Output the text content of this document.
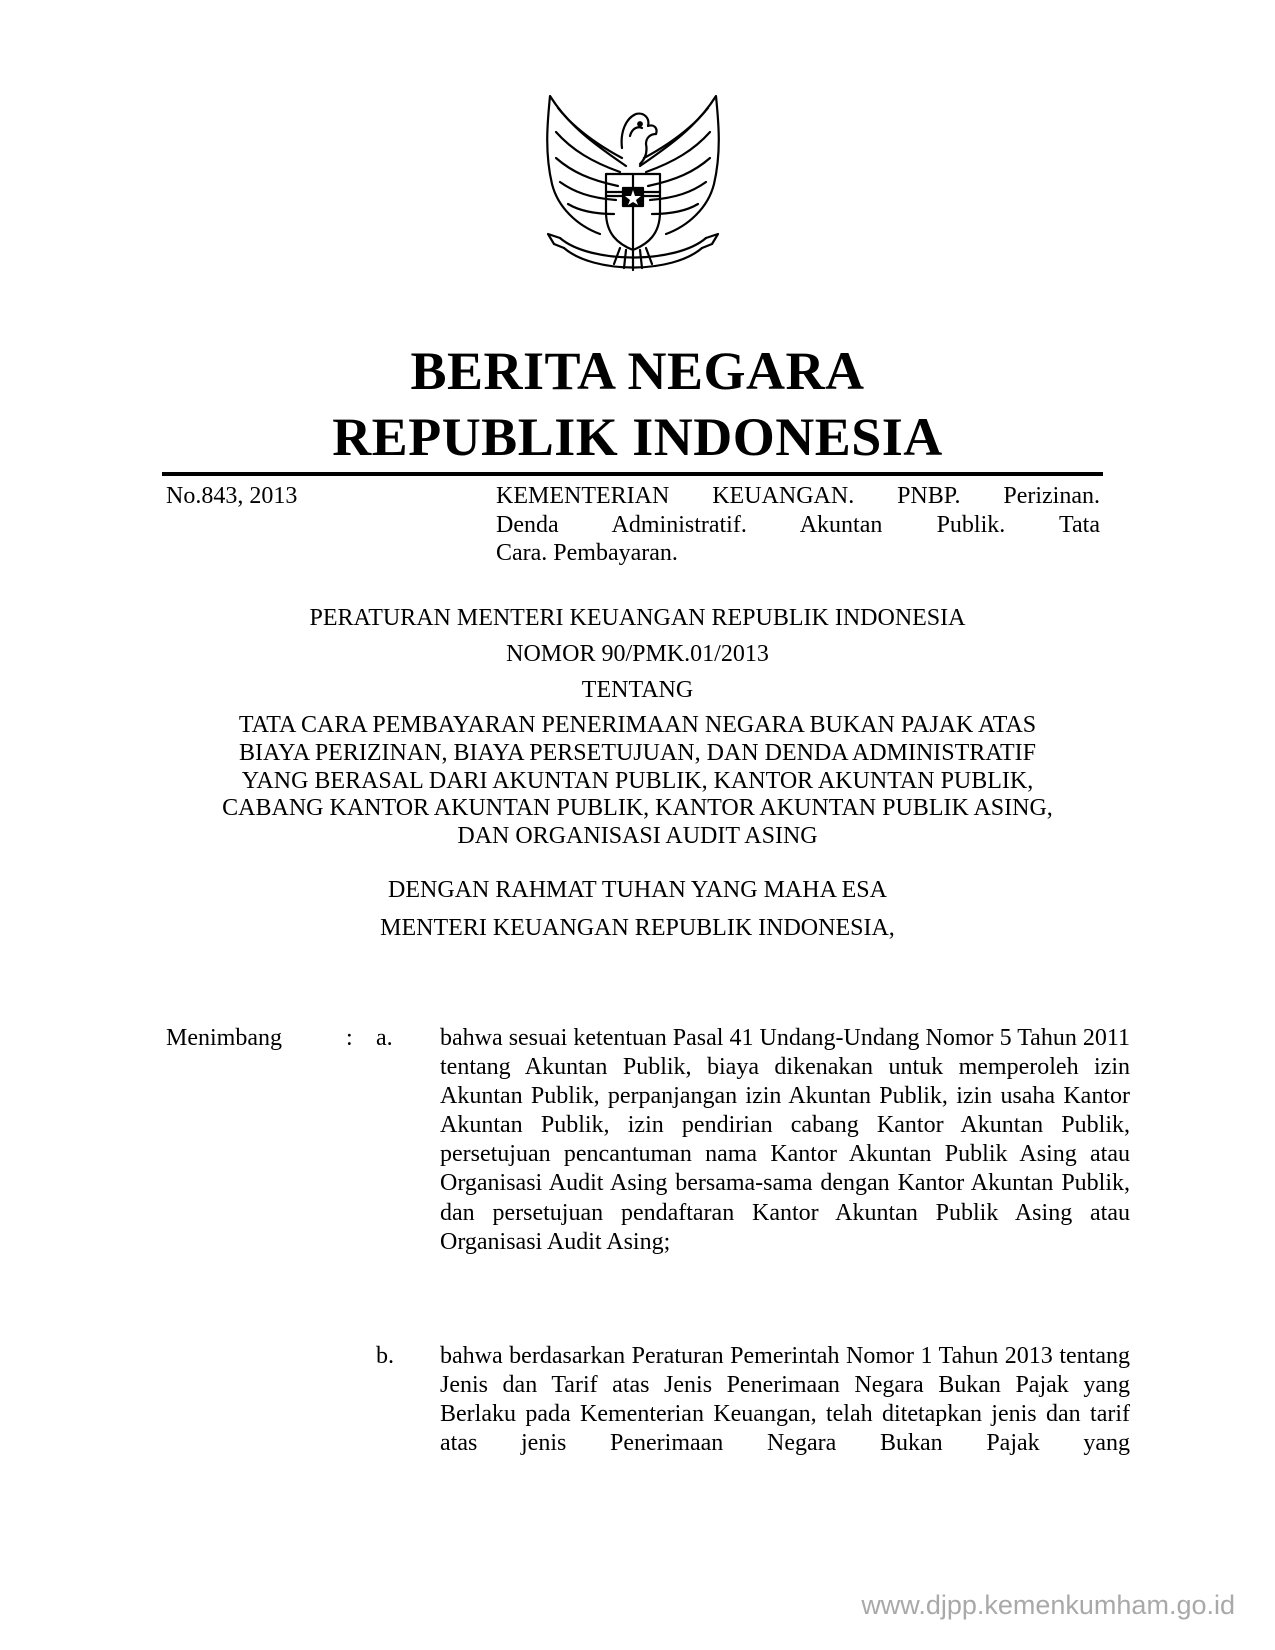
BERITA NEGARA
REPUBLIK INDONESIA
No.843, 2013	KEMENTERIAN KEUANGAN. PNBP. Perizinan.
Denda Administratif. Akuntan Publik. Tata
Cara. Pembayaran.
PERATURAN MENTERI KEUANGAN REPUBLIK INDONESIA
NOMOR 90/PMK.01/2013
TENTANG
TATA CARA PEMBAYARAN PENERIMAAN NEGARA BUKAN PAJAK ATAS
BIAYA PERIZINAN, BIAYA PERSETUJUAN, DAN DENDA ADMINISTRATIF
YANG BERASAL DARI AKUNTAN PUBLIK, KANTOR AKUNTAN PUBLIK,
CABANG KANTOR AKUNTAN PUBLIK, KANTOR AKUNTAN PUBLIK ASING,
DAN ORGANISASI AUDIT ASING
DENGAN RAHMAT TUHAN YANG MAHA ESA
MENTERI KEUANGAN REPUBLIK INDONESIA,
Menimbang	: a. bahwa sesuai ketentuan Pasal 41 Undang-Undang Nomor 5 Tahun 2011 tentang Akuntan Publik, biaya dikenakan untuk memperoleh izin Akuntan Publik, perpanjangan izin Akuntan Publik, izin usaha Kantor Akuntan Publik, izin pendirian cabang Kantor Akuntan Publik, persetujuan pencantuman nama Kantor Akuntan Publik Asing atau Organisasi Audit Asing bersama-sama dengan Kantor Akuntan Publik, dan persetujuan pendaftaran Kantor Akuntan Publik Asing atau Organisasi Audit Asing;
b. bahwa berdasarkan Peraturan Pemerintah Nomor 1 Tahun 2013 tentang Jenis dan Tarif atas Jenis Penerimaan Negara Bukan Pajak yang Berlaku pada Kementerian Keuangan, telah ditetapkan jenis dan tarif atas jenis Penerimaan Negara Bukan Pajak yang
www.djpp.kemenkumham.go.id
